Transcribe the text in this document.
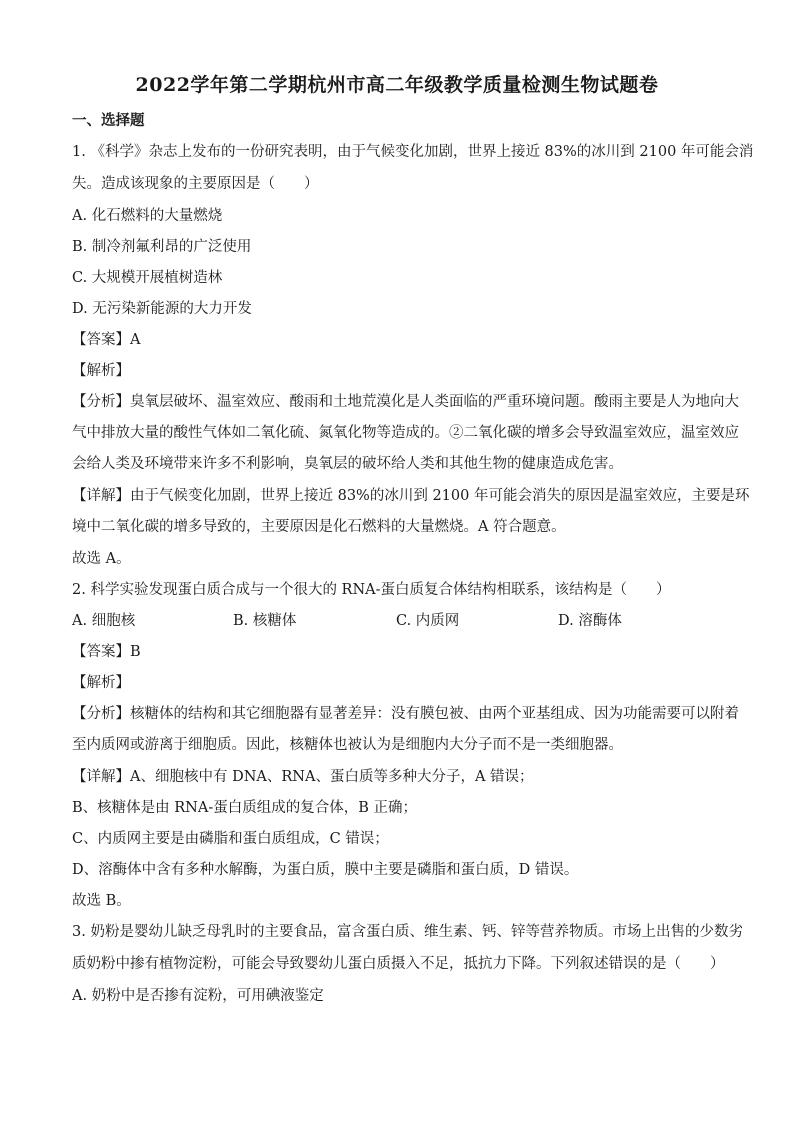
2022学年第二学期杭州市高二年级教学质量检测生物试题卷
一、选择题
1. 《科学》杂志上发布的一份研究表明，由于气候变化加剧，世界上接近 83%的冰川到 2100 年可能会消
失。造成该现象的主要原因是（　　）
A. 化石燃料的大量燃烧
B. 制冷剂氟利昂的广泛使用
C. 大规模开展植树造林
D. 无污染新能源的大力开发
【答案】A
【解析】
【分析】臭氧层破坏、温室效应、酸雨和土地荒漠化是人类面临的严重环境问题。酸雨主要是人为地向大
气中排放大量的酸性气体如二氧化硫、氮氧化物等造成的。②二氧化碳的增多会导致温室效应，温室效应
会给人类及环境带来许多不利影响，臭氧层的破坏给人类和其他生物的健康造成危害。
【详解】由于气候变化加剧，世界上接近 83%的冰川到 2100 年可能会消失的原因是温室效应，主要是环
境中二氧化碳的增多导致的，主要原因是化石燃料的大量燃烧。A 符合题意。
故选 A。
2. 科学实验发现蛋白质合成与一个很大的 RNA-蛋白质复合体结构相联系，该结构是（　　）
A. 细胞核	B. 核糖体	C. 内质网	D. 溶酶体
【答案】B
【解析】
【分析】核糖体的结构和其它细胞器有显著差异：没有膜包被、由两个亚基组成、因为功能需要可以附着
至内质网或游离于细胞质。因此，核糖体也被认为是细胞内大分子而不是一类细胞器。
【详解】A、细胞核中有 DNA、RNA、蛋白质等多种大分子，A 错误；
B、核糖体是由 RNA-蛋白质组成的复合体，B 正确；
C、内质网主要是由磷脂和蛋白质组成，C 错误；
D、溶酶体中含有多种水解酶，为蛋白质，膜中主要是磷脂和蛋白质，D 错误。
故选 B。
3. 奶粉是婴幼儿缺乏母乳时的主要食品，富含蛋白质、维生素、钙、锌等营养物质。市场上出售的少数劣
质奶粉中掺有植物淀粉，可能会导致婴幼儿蛋白质摄入不足，抵抗力下降。下列叙述错误的是（　　）
A. 奶粉中是否掺有淀粉，可用碘液鉴定
